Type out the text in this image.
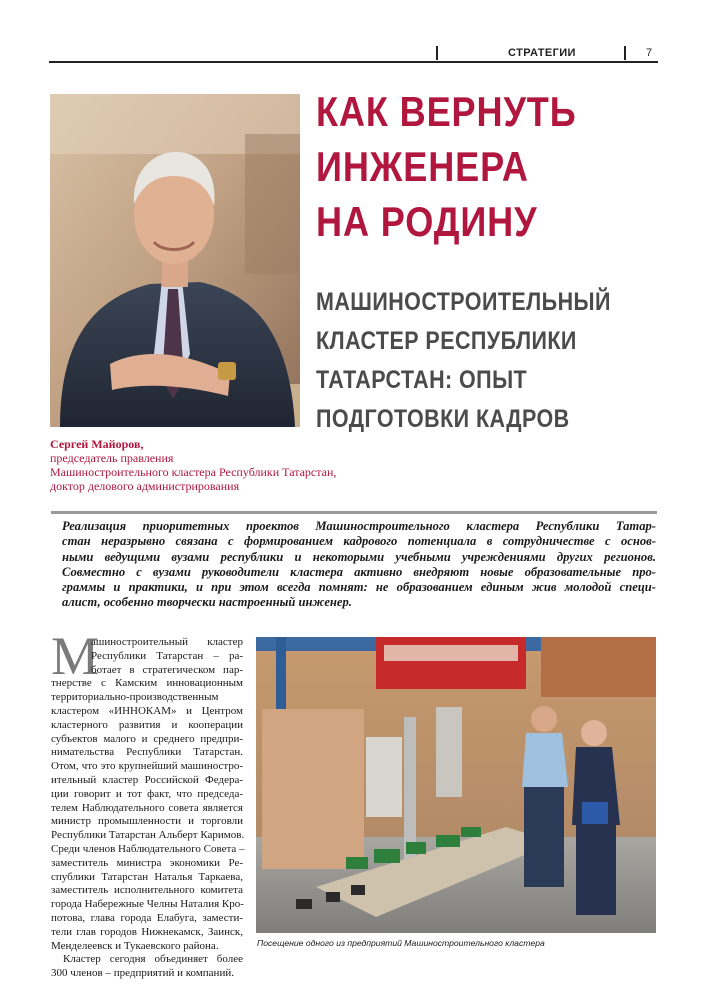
СТРАТЕГИИ	7
КАК ВЕРНУТЬ
ИНЖЕНЕРА
НА РОДИНУ
МАШИНОСТРОИТЕЛЬНЫЙ
КЛАСТЕР РЕСПУБЛИКИ
ТАТАРСТАН: ОПЫТ
ПОДГОТОВКИ КАДРОВ
Сергей Майоров,
председатель правления
Машиностроительного кластера Республики Татарстан,
доктор делового администрирования

Реализация приоритетных проектов Машиностроительного кластера Республики Татар-
стан неразрывно связана с формированием кадрового потенциала в сотрудничестве с основ-
ными ведущими вузами республики и некоторыми учебными учреждениями других регионов.
Совместно с вузами руководители кластера активно внедряют новые образовательные про-
граммы и практики, и при этом всегда помнят: не образованием единым жив молодой специ-
алист, особенно творчески настроенный инженер.

М
ашиностроительный кластер
Республики Татарстан – ра-
ботает в стратегическом пар-
тнерстве с Камским инновационным
территориально-производственным
кластером «ИННОКАМ» и Центром
кластерного развития и кооперации
субъектов малого и среднего предпри-
нимательства Республики Татарстан.
Отом, что это крупнейший машиностро-
ительный кластер Российской Федера-
ции говорит и тот факт, что председа-
телем Наблюдательного совета является
министр промышленности и торговли
Республики Татарстан Альберт Каримов.
Среди членов Наблюдательного Совета –
заместитель министра экономики Ре-
спублики Татарстан Наталья Таркаева,
заместитель исполнительного комитета
города Набережные Челны Наталия Кро-
потова, глава города Елабуга, замести-
тели глав городов Нижнекамск, Заинск,
Менделеевск и Тукаевского района.
Кластер сегодня объединяет более
300 членов – предприятий и компаний.
Посещение одного из предприятий Машиностроительного кластера
